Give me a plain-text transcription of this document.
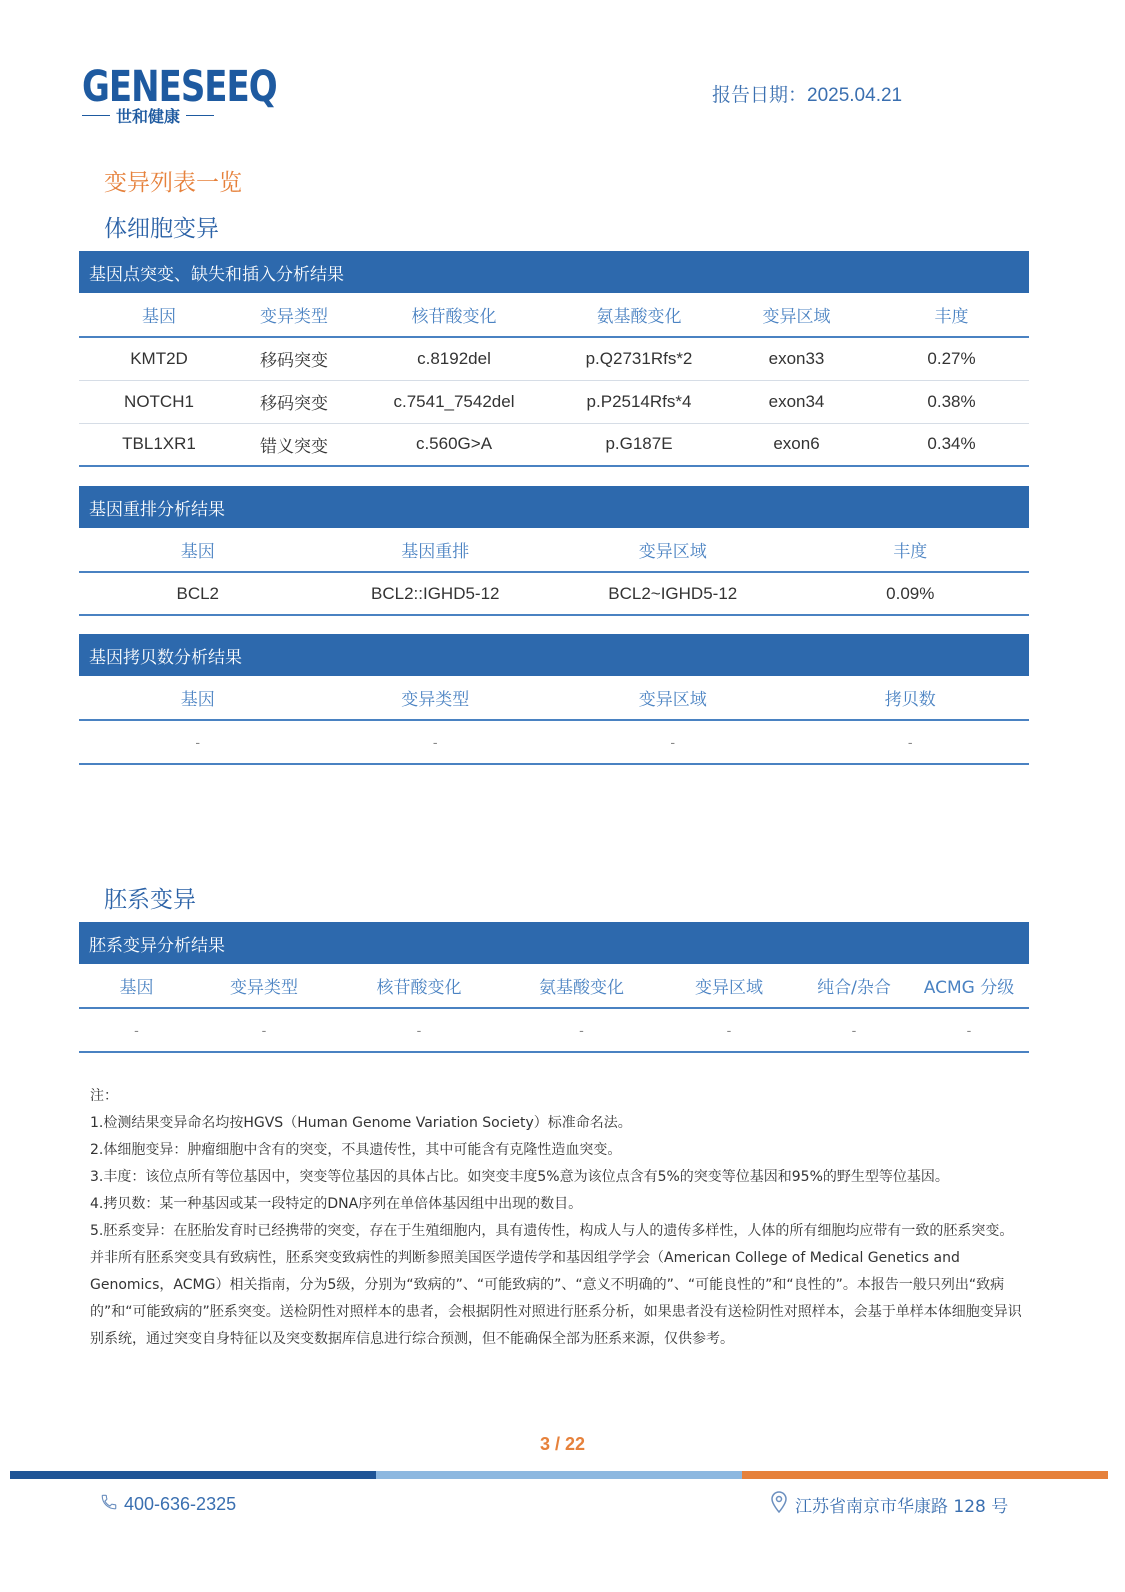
GENESEEQ
世和健康
报告日期：2025.04.21
变异列表一览
体细胞变异
基因点突变、缺失和插入分析结果
基因	变异类型	核苷酸变化	氨基酸变化	变异区域	丰度
KMT2D	移码突变	c.8192del	p.Q2731Rfs*2	exon33	0.27%
NOTCH1	移码突变	c.7541_7542del	p.P2514Rfs*4	exon34	0.38%
TBL1XR1	错义突变	c.560G>A	p.G187E	exon6	0.34%
基因重排分析结果
基因	基因重排	变异区域	丰度
BCL2	BCL2::IGHD5-12	BCL2~IGHD5-12	0.09%
基因拷贝数分析结果
基因	变异类型	变异区域	拷贝数
-	-	-	-
胚系变异
胚系变异分析结果
基因	变异类型	核苷酸变化	氨基酸变化	变异区域	纯合/杂合	ACMG 分级
-	-	-	-	-	-	-

注：

1.检测结果变异命名均按HGVS（Human Genome Variation Society）标准命名法。

2.体细胞变异：肿瘤细胞中含有的突变，不具遗传性，其中可能含有克隆性造血突变。

3.丰度：该位点所有等位基因中，突变等位基因的具体占比。如突变丰度5%意为该位点含有5%的突变等位基因和95%的野生型等位基因。

4.拷贝数：某一种基因或某一段特定的DNA序列在单倍体基因组中出现的数目。

5.胚系变异：在胚胎发育时已经携带的突变，存在于生殖细胞内，具有遗传性，构成人与人的遗传多样性，人体的所有细胞均应带有一致的胚系突变。并非所有胚系突变具有致病性，胚系突变致病性的判断参照美国医学遗传学和基因组学学会（American College of Medical Genetics and Genomics，ACMG）相关指南，分为5级，分别为“致病的”、“可能致病的”、“意义不明确的”、“可能良性的”和“良性的”。本报告一般只列出“致病的”和“可能致病的”胚系突变。送检阴性对照样本的患者，会根据阴性对照进行胚系分析，如果患者没有送检阴性对照样本，会基于单样本体细胞变异识别系统，通过突变自身特征以及突变数据库信息进行综合预测，但不能确保全部为胚系来源，仅供参考。

3 / 22
400-636-2325	江苏省南京市华康路 128 号
